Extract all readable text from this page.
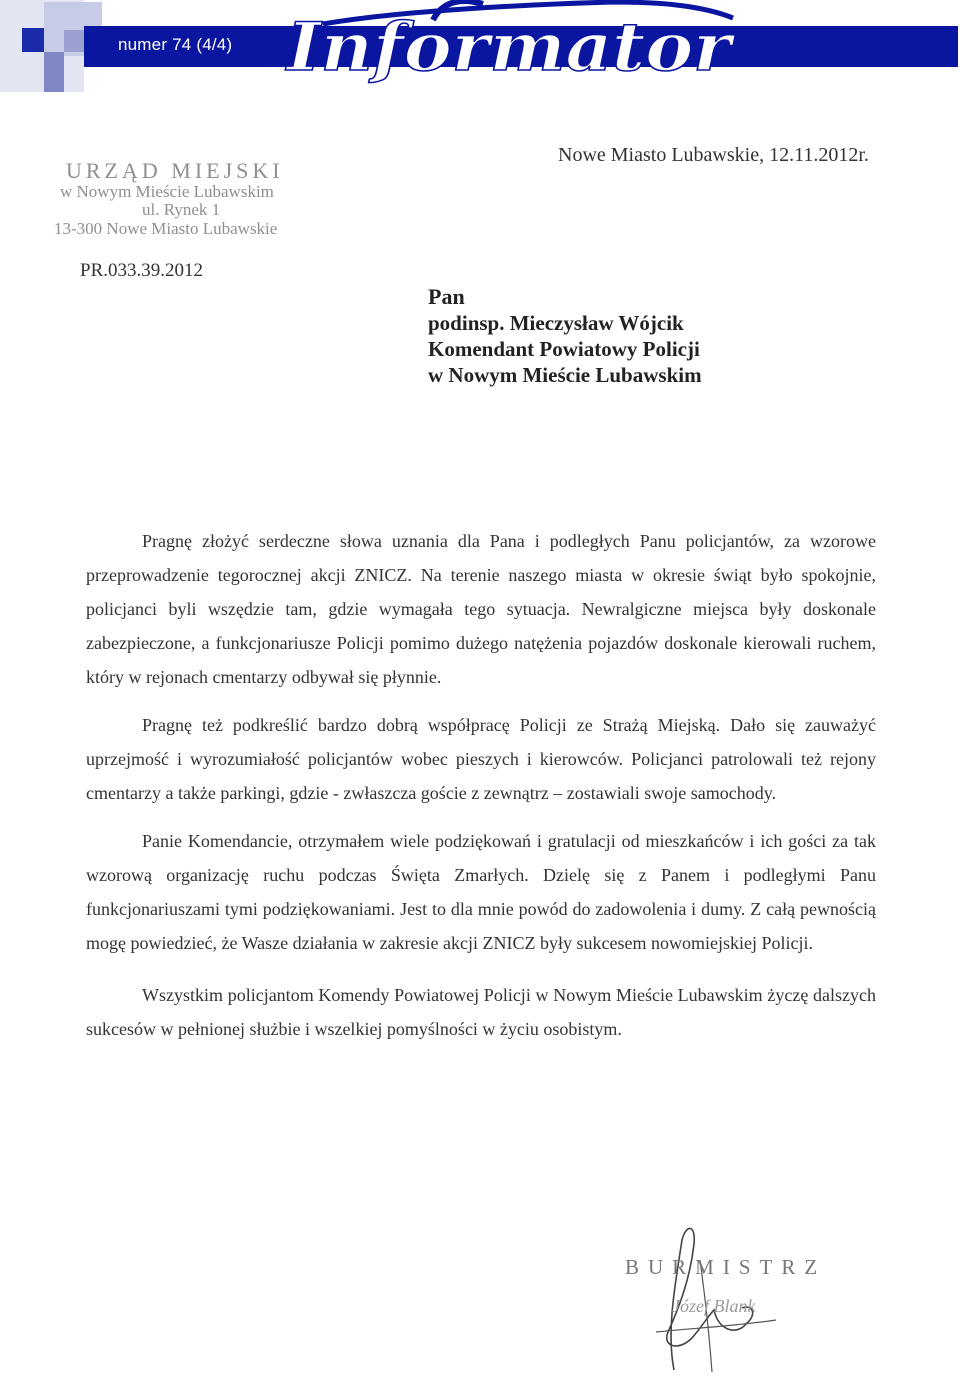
numer 74 (4/4) Informator
URZĄD MIEJSKI
w Nowym Mieście Lubawskim
ul. Rynek 1
13-300 Nowe Miasto Lubawskie
Nowe Miasto Lubawskie, 12.11.2012r.
PR.033.39.2012
Pan
podinsp. Mieczysław Wójcik
Komendant Powiatowy Policji
w Nowym Mieście Lubawskim

Pragnę złożyć serdeczne słowa uznania dla Pana i podległych Panu policjantów, za wzorowe przeprowadzenie tegorocznej akcji ZNICZ. Na terenie naszego miasta w okresie świąt było spokojnie, policjanci byli wszędzie tam, gdzie wymagała tego sytuacja. Newralgiczne miejsca były doskonale zabezpieczone, a funkcjonariusze Policji pomimo dużego natężenia pojazdów doskonale kierowali ruchem, który w rejonach cmentarzy odbywał się płynnie.

Pragnę też podkreślić bardzo dobrą współpracę Policji ze Strażą Miejską. Dało się zauważyć uprzejmość i wyrozumiałość policjantów wobec pieszych i kierowców. Policjanci patrolowali też rejony cmentarzy a także parkingi, gdzie - zwłaszcza goście z zewnątrz – zostawiali swoje samochody.

Panie Komendancie, otrzymałem wiele podziękowań i gratulacji od mieszkańców i ich gości za tak wzorową organizację ruchu podczas Święta Zmarłych. Dzielę się z Panem i podległymi Panu funkcjonariuszami tymi podziękowaniami. Jest to dla mnie powód do zadowolenia i dumy. Z całą pewnością mogę powiedzieć, że Wasze działania w zakresie akcji ZNICZ były sukcesem nowomiejskiej Policji.

Wszystkim policjantom Komendy Powiatowej Policji w Nowym Mieście Lubawskim życzę dalszych sukcesów w pełnionej służbie i wszelkiej pomyślności w życiu osobistym.

BURMISTRZ
Józef Blank
